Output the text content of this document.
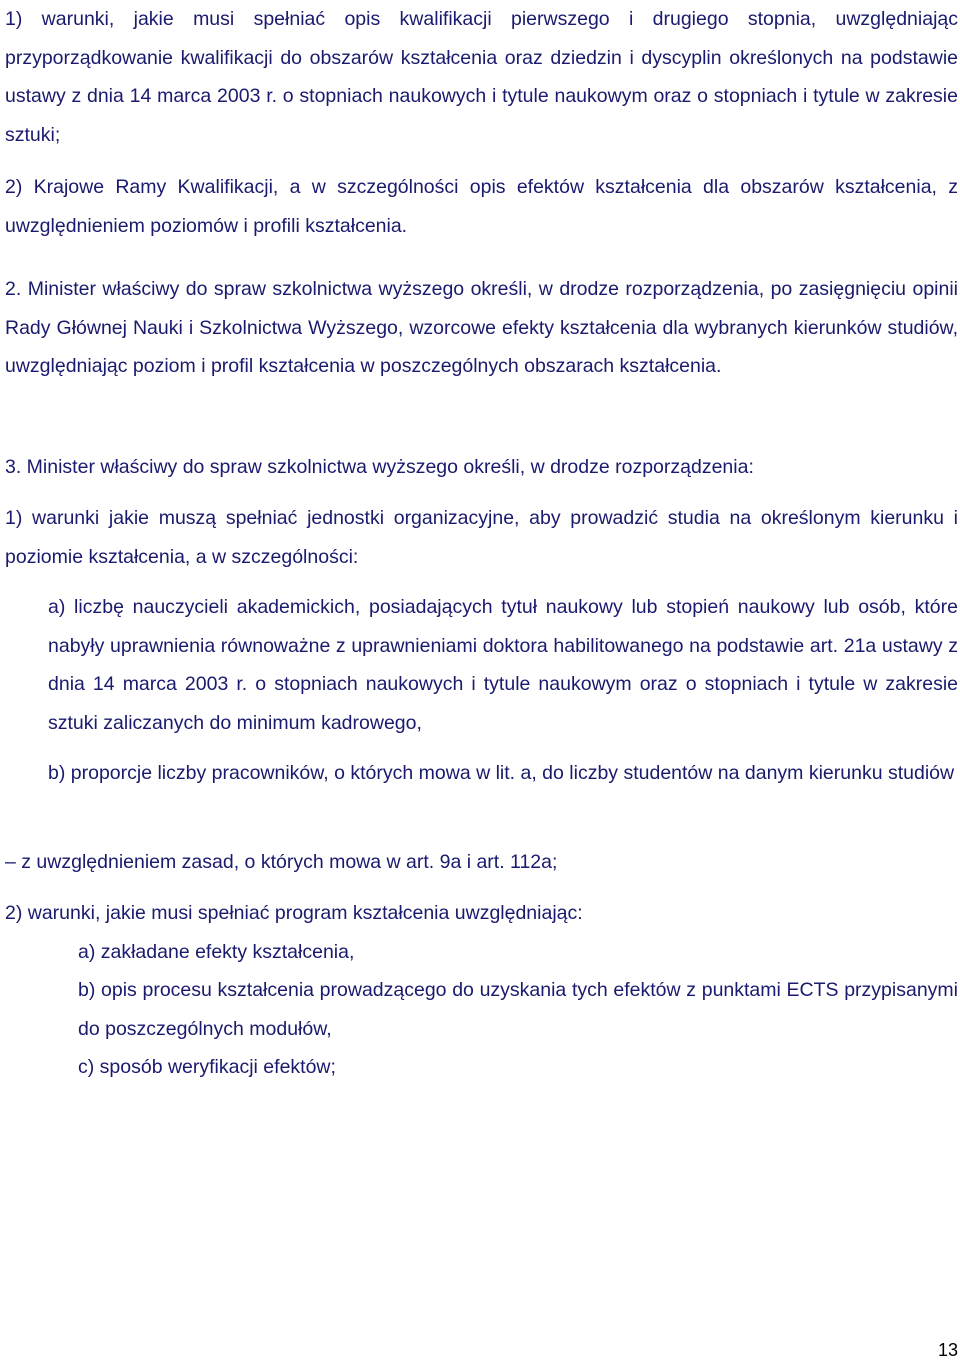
1) warunki, jakie musi spełniać opis kwalifikacji pierwszego i drugiego stopnia, uwzględniając przyporządkowanie kwalifikacji do obszarów kształcenia oraz dziedzin i dyscyplin określonych na podstawie ustawy z dnia 14 marca 2003 r. o stopniach naukowych i tytule naukowym oraz o stopniach i tytule w zakresie sztuki;

2) Krajowe Ramy Kwalifikacji, a w szczególności opis efektów kształcenia dla obszarów kształcenia, z uwzględnieniem poziomów i profili kształcenia.

2. Minister właściwy do spraw szkolnictwa wyższego określi, w drodze rozporządzenia, po zasięgnięciu opinii Rady Głównej Nauki i Szkolnictwa Wyższego, wzorcowe efekty kształcenia dla wybranych kierunków studiów, uwzględniając poziom i profil kształcenia w poszczególnych obszarach kształcenia.

3. Minister właściwy do spraw szkolnictwa wyższego określi, w drodze rozporządzenia:

1) warunki jakie muszą spełniać jednostki organizacyjne, aby prowadzić studia na określonym kierunku i poziomie kształcenia, a w szczególności:

a) liczbę nauczycieli akademickich, posiadających tytuł naukowy lub stopień naukowy lub osób, które nabyły uprawnienia równoważne z uprawnieniami doktora habilitowanego na podstawie art. 21a ustawy z dnia 14 marca 2003 r. o stopniach naukowych i tytule naukowym oraz o stopniach i tytule w zakresie sztuki zaliczanych do minimum kadrowego,

b) proporcje liczby pracowników, o których mowa w lit. a, do liczby studentów na danym kierunku studiów

– z uwzględnieniem zasad, o których mowa w art. 9a i art. 112a;

2) warunki, jakie musi spełniać program kształcenia uwzględniając:

a) zakładane efekty kształcenia,

b) opis procesu kształcenia prowadzącego do uzyskania tych efektów z punktami ECTS przypisanymi do poszczególnych modułów,

c) sposób weryfikacji efektów;

13
